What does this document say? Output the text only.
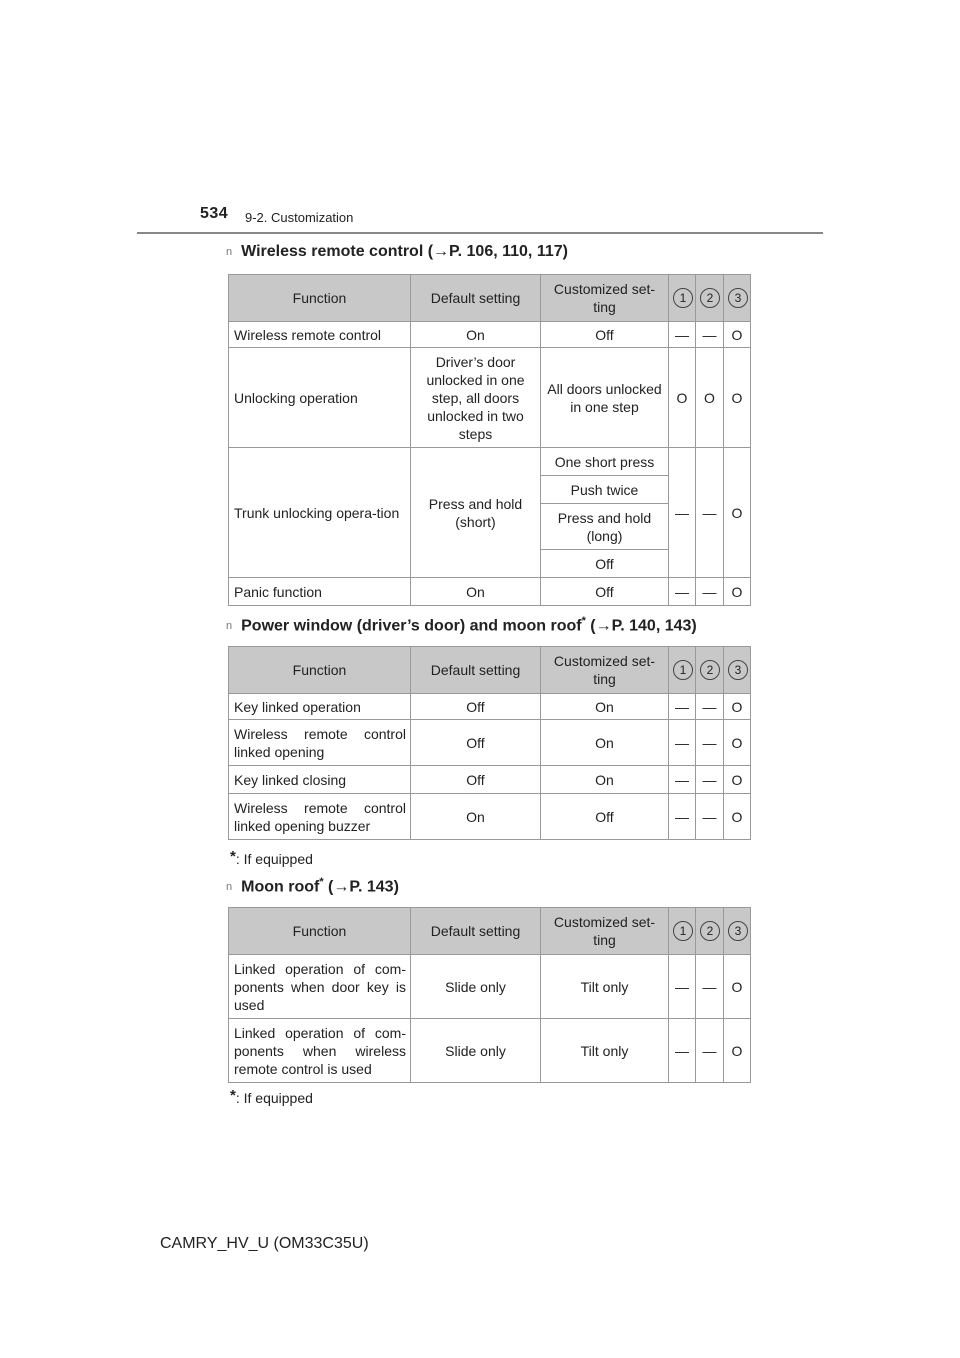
534 9-2. Customization
n Wireless remote control (→P. 106, 110, 117)
Function	Default setting	Customized set-ting	1	2	3
Wireless remote control	On	Off	—	—	O
Unlocking operation	Driver’s door unlocked in one step, all doors unlocked in two steps	All doors unlocked in one step	O	O	O
Trunk unlocking opera-tion	Press and hold (short)	One short press	—	—	O
		Push twice			
		Press and hold (long)			
		Off			
Panic function	On	Off	—	—	O
n Power window (driver’s door) and moon roof* (→P. 140, 143)
Function	Default setting	Customized set-ting	1	2	3
Key linked operation	Off	On	—	—	O
Wireless remote control linked opening	Off	On	—	—	O
Key linked closing	Off	On	—	—	O
Wireless remote control linked opening buzzer	On	Off	—	—	O
*: If equipped
n Moon roof* (→P. 143)
Function	Default setting	Customized set-ting	1	2	3
Linked operation of com-ponents when door key is used	Slide only	Tilt only	—	—	O
Linked operation of com-ponents when wireless remote control is used	Slide only	Tilt only	—	—	O
*: If equipped
CAMRY_HV_U (OM33C35U)
